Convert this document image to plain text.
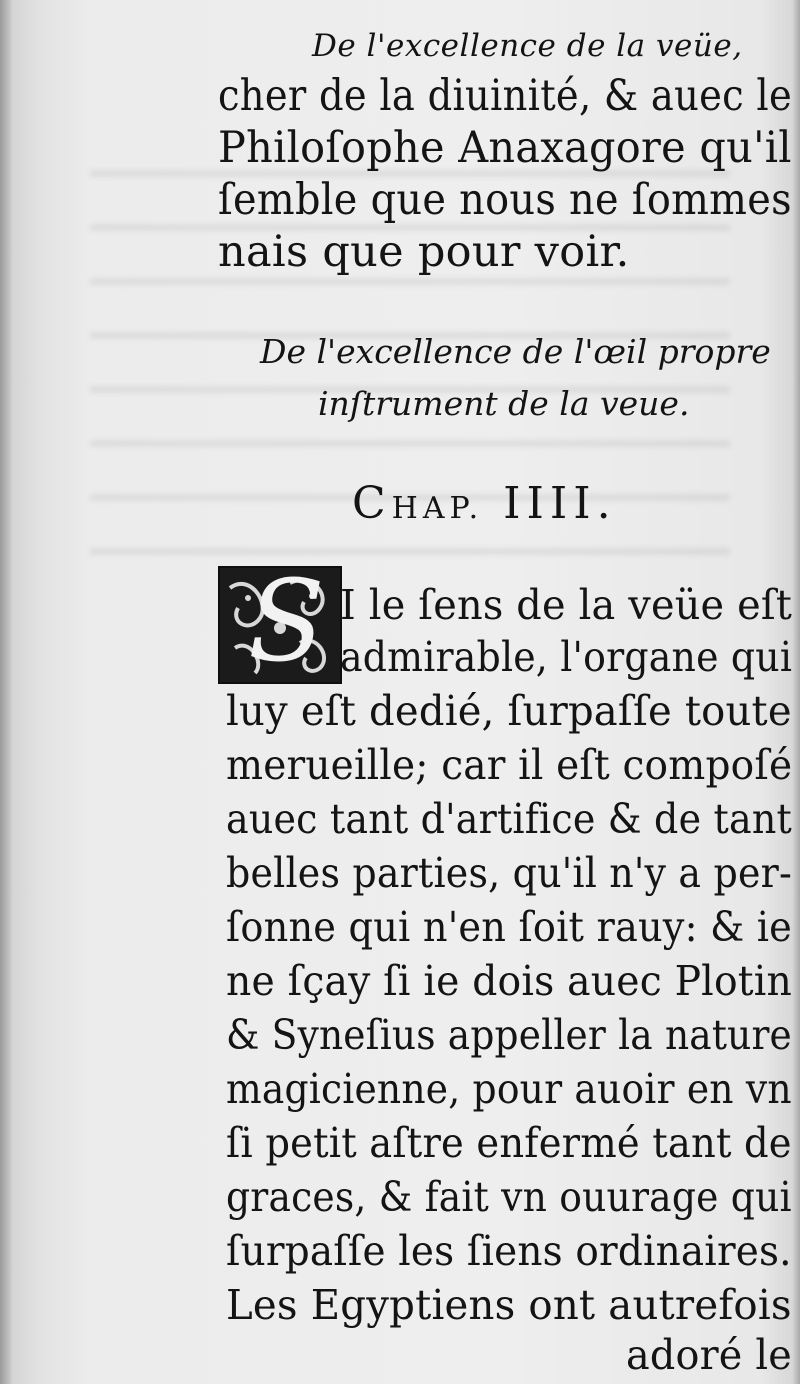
De l'excellence de la veüe,
cher de la diuinité, & auec le
Philoſophe Anaxagore qu'il
ſemble que nous ne ſommes
nais que pour voir.
De l'excellence de l'œil propre
inſtrument de la veue.
CHAP. IIII.
S I le ſens de la veüe eſt
admirable, l'organe qui
luy eſt dedié, ſurpaſſe toute
merueille; car il eſt compoſé
auec tant d'artifice & de tant
belles parties, qu'il n'y a per-
ſonne qui n'en ſoit rauy: & ie
ne ſçay ſi ie dois auec Plotin
& Syneſius appeller la nature
magicienne, pour auoir en vn
ſi petit aſtre enfermé tant de
graces, & fait vn ouurage qui
ſurpaſſe les ſiens ordinaires.
Les Egyptiens ont autrefois
adoré le
